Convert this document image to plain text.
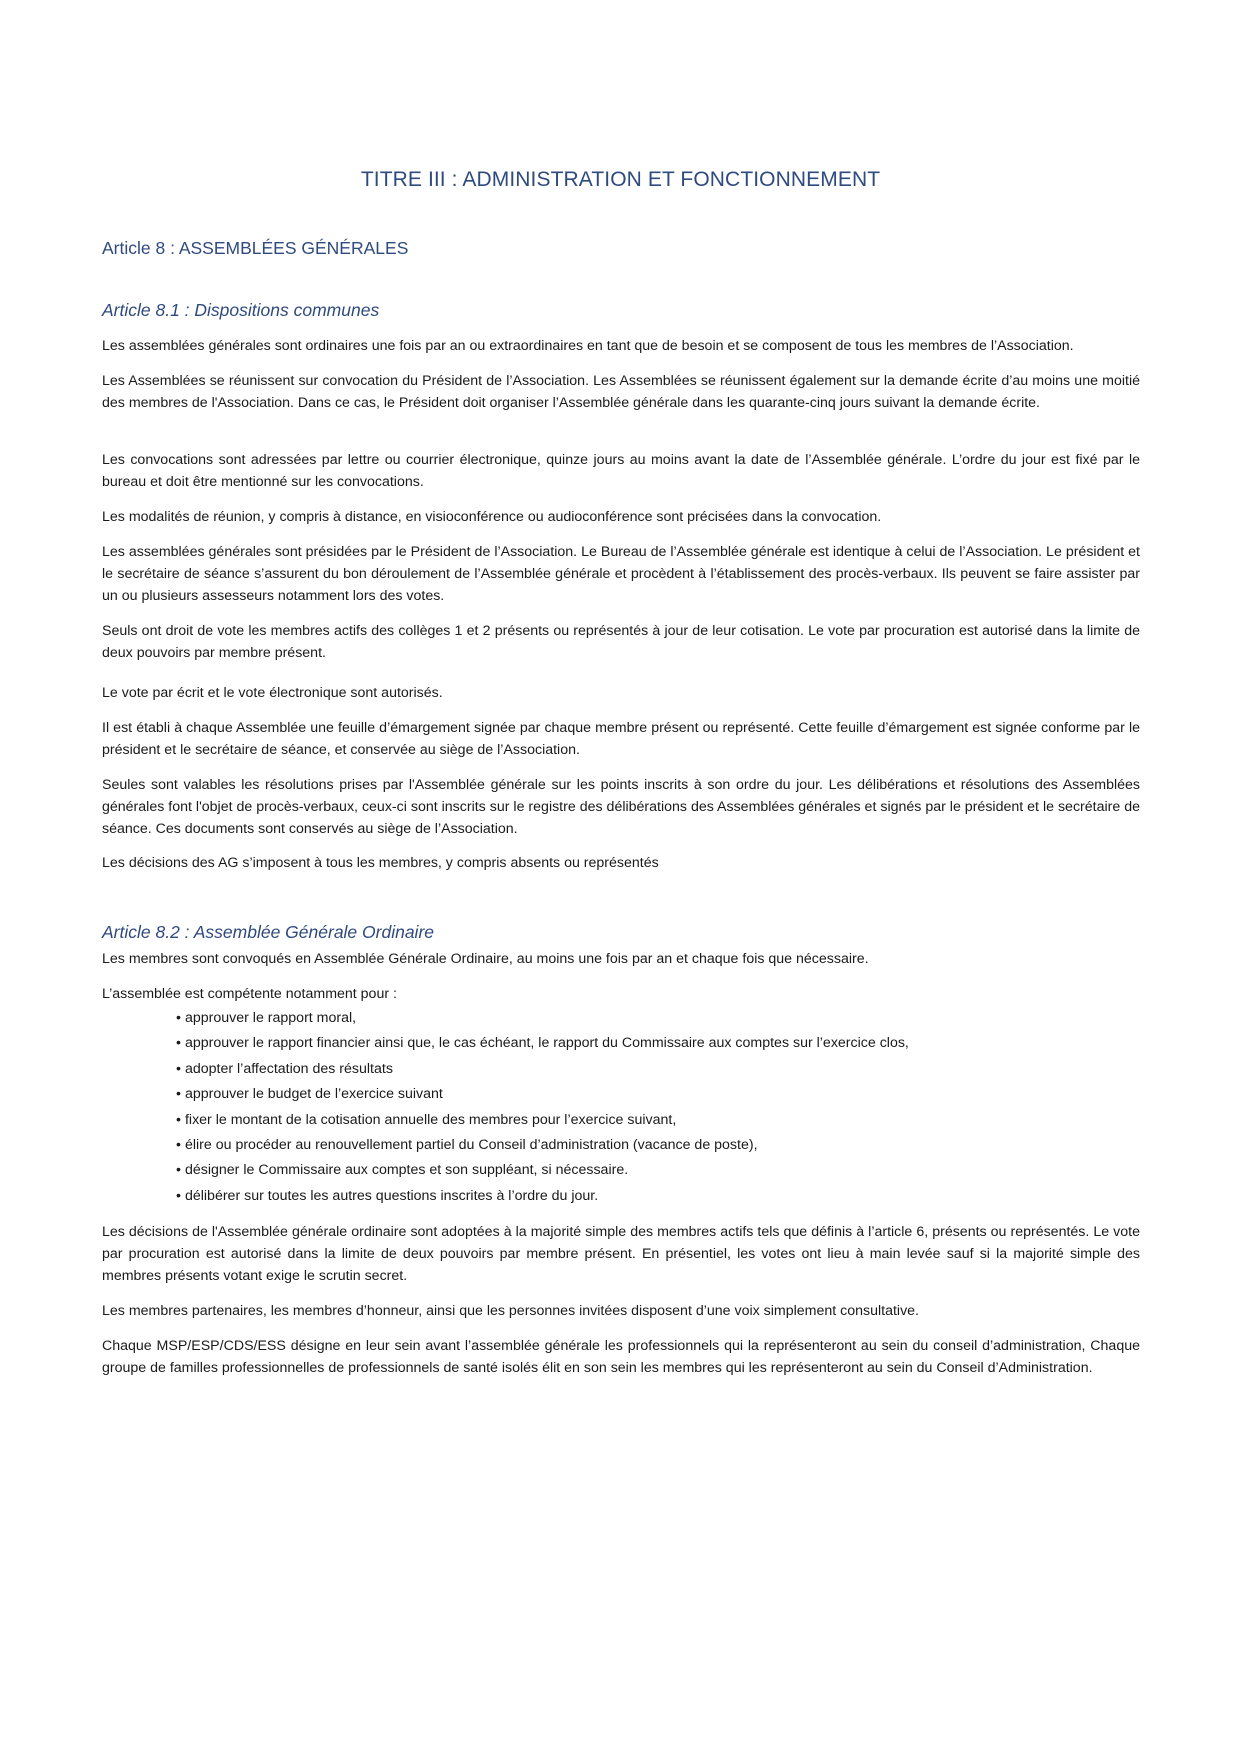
TITRE III : ADMINISTRATION ET FONCTIONNEMENT
Article 8 : ASSEMBLÉES GÉNÉRALES
Article 8.1 : Dispositions communes

Les assemblées générales sont ordinaires une fois par an ou extraordinaires en tant que de besoin et se composent de tous les membres de l’Association.

Les Assemblées se réunissent sur convocation du Président de l’Association. Les Assemblées se réunissent également sur la demande écrite d’au moins une moitié des membres de l'Association. Dans ce cas, le Président doit organiser l’Assemblée générale dans les quarante-cinq jours suivant la demande écrite.

Les convocations sont adressées par lettre ou courrier électronique, quinze jours au moins avant la date de l’Assemblée générale. L’ordre du jour est fixé par le bureau et doit être mentionné sur les convocations.

Les modalités de réunion, y compris à distance, en visioconférence ou audioconférence sont précisées dans la convocation.

Les assemblées générales sont présidées par le Président de l’Association. Le Bureau de l’Assemblée générale est identique à celui de l’Association. Le président et le secrétaire de séance s’assurent du bon déroulement de l’Assemblée générale et procèdent à l’établissement des procès-verbaux. Ils peuvent se faire assister par un ou plusieurs assesseurs notamment lors des votes.

Seuls ont droit de vote les membres actifs des collèges 1 et 2 présents ou représentés à jour de leur cotisation. Le vote par procuration est autorisé dans la limite de deux pouvoirs par membre présent.

Le vote par écrit et le vote électronique sont autorisés.

Il est établi à chaque Assemblée une feuille d’émargement signée par chaque membre présent ou représenté. Cette feuille d’émargement est signée conforme par le président et le secrétaire de séance, et conservée au siège de l’Association.

Seules sont valables les résolutions prises par l'Assemblée générale sur les points inscrits à son ordre du jour. Les délibérations et résolutions des Assemblées générales font l'objet de procès-verbaux, ceux-ci sont inscrits sur le registre des délibérations des Assemblées générales et signés par le président et le secrétaire de séance. Ces documents sont conservés au siège de l’Association.

Les décisions des AG s’imposent à tous les membres, y compris absents ou représentés

Article 8.2 : Assemblée Générale Ordinaire

Les membres sont convoqués en Assemblée Générale Ordinaire, au moins une fois par an et chaque fois que nécessaire.

L’assemblée est compétente notamment pour :

• approuver le rapport moral,
• approuver le rapport financier ainsi que, le cas échéant, le rapport du Commissaire aux comptes sur l’exercice clos,
• adopter l’affectation des résultats
• approuver le budget de l’exercice suivant
• fixer le montant de la cotisation annuelle des membres pour l’exercice suivant,
• élire ou procéder au renouvellement partiel du Conseil d’administration (vacance de poste),
• désigner le Commissaire aux comptes et son suppléant, si nécessaire.
• délibérer sur toutes les autres questions inscrites à l’ordre du jour.

Les décisions de l'Assemblée générale ordinaire sont adoptées à la majorité simple des membres actifs tels que définis à l’article 6, présents ou représentés. Le vote par procuration est autorisé dans la limite de deux pouvoirs par membre présent. En présentiel, les votes ont lieu à main levée sauf si la majorité simple des membres présents votant exige le scrutin secret.

Les membres partenaires, les membres d’honneur, ainsi que les personnes invitées disposent d’une voix simplement consultative.

Chaque MSP/ESP/CDS/ESS désigne en leur sein avant l’assemblée générale les professionnels qui la représenteront au sein du conseil d’administration, Chaque groupe de familles professionnelles de professionnels de santé isolés élit en son sein les membres qui les représenteront au sein du Conseil d’Administration.
